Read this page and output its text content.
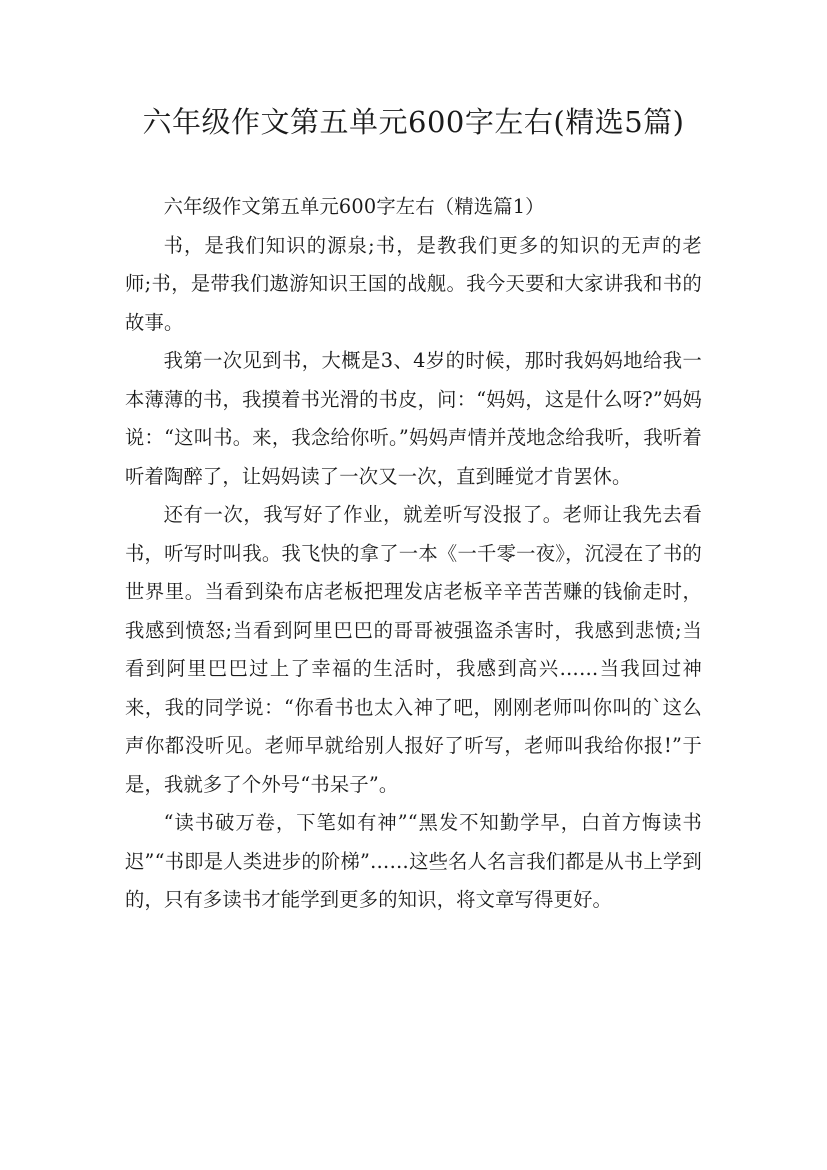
六年级作文第五单元600字左右(精选5篇)

六年级作文第五单元600字左右（精选篇1）

书，是我们知识的源泉;书，是教我们更多的知识的无声的老师;书，是带我们遨游知识王国的战舰。我今天要和大家讲我和书的故事。

我第一次见到书，大概是3、4岁的时候，那时我妈妈地给我一本薄薄的书，我摸着书光滑的书皮，问：“妈妈，这是什么呀?”妈妈说：“这叫书。来，我念给你听。”妈妈声情并茂地念给我听，我听着听着陶醉了，让妈妈读了一次又一次，直到睡觉才肯罢休。

还有一次，我写好了作业，就差听写没报了。老师让我先去看书，听写时叫我。我飞快的拿了一本《一千零一夜》，沉浸在了书的世界里。当看到染布店老板把理发店老板辛辛苦苦赚的钱偷走时，我感到愤怒;当看到阿里巴巴的哥哥被强盗杀害时，我感到悲愤;当看到阿里巴巴过上了幸福的生活时，我感到高兴……当我回过神来，我的同学说：“你看书也太入神了吧，刚刚老师叫你叫的`这么声你都没听见。老师早就给别人报好了听写，老师叫我给你报!”于是，我就多了个外号“书呆子”。

“读书破万卷，下笔如有神”“黑发不知勤学早，白首方悔读书迟”“书即是人类进步的阶梯”……这些名人名言我们都是从书上学到的，只有多读书才能学到更多的知识，将文章写得更好。
